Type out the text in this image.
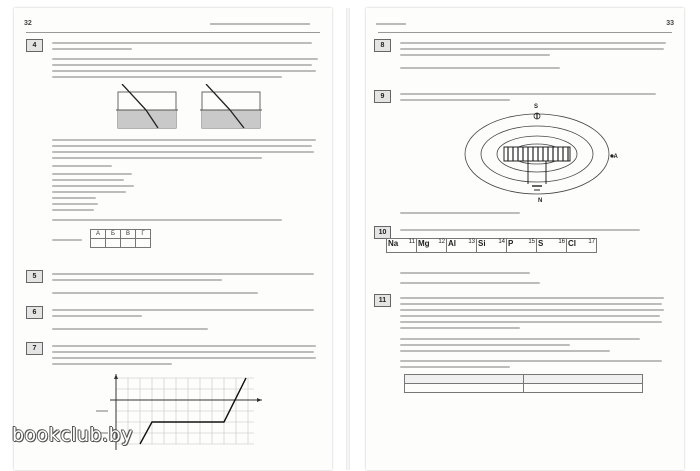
32
4
А	Б	В	Г

5
6
7
33
8
9
S
N
+А
10
Na 11	Mg 12	Al 13	Si 14	P 15	S 16	Cl 17
11

bookclub.by
